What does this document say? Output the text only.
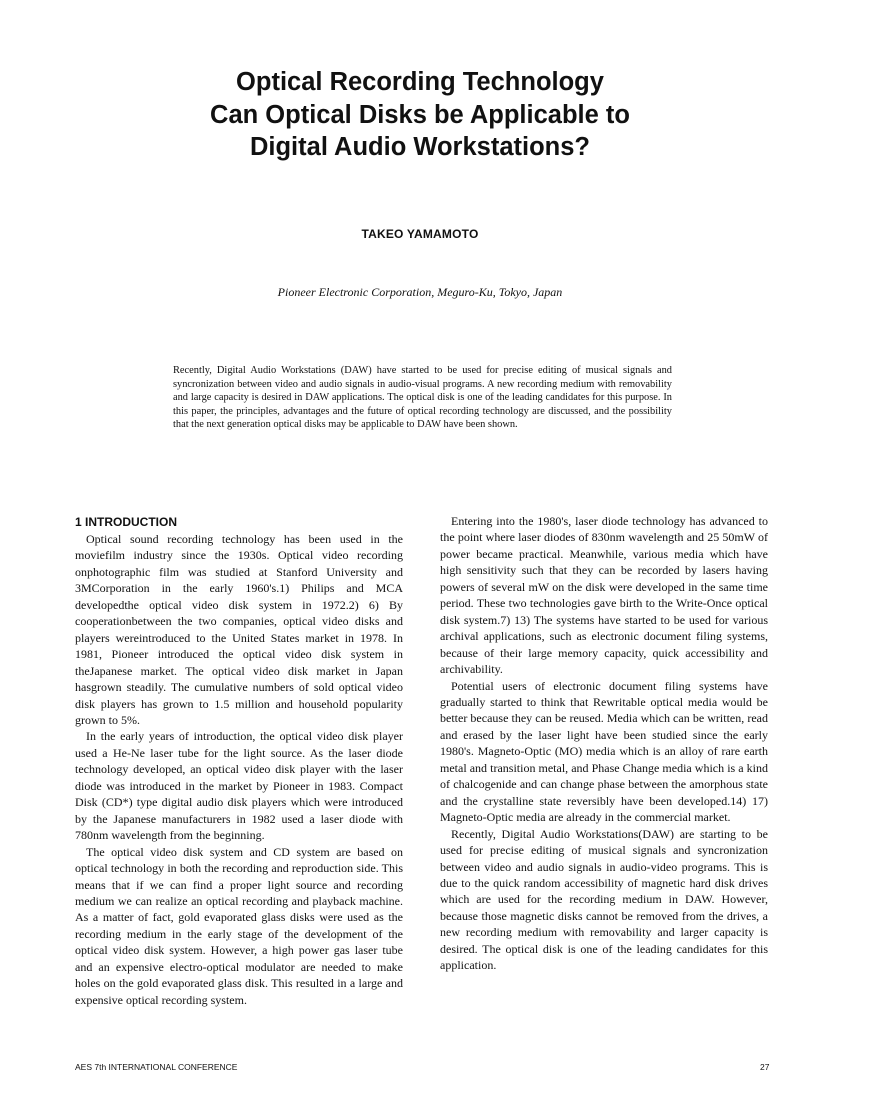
Optical Recording Technology
Can Optical Disks be Applicable to
Digital Audio Workstations?
TAKEO YAMAMOTO
Pioneer Electronic Corporation, Meguro-Ku, Tokyo, Japan
Recently, Digital Audio Workstations (DAW) have started to be used for precise editing of musical signals and syncronization between video and audio signals in audio-visual programs. A new recording medium with removability and large capacity is desired in DAW applications. The optical disk is one of the leading candidates for this purpose. In this paper, the principles, advantages and the future of optical recording technology are discussed, and the possibility that the next generation optical disks may be applicable to DAW have been shown.
1 INTRODUCTION

Optical sound recording technology has been used in the moviefilm industry since the 1930s. Optical video recording onphotographic film was studied at Stanford University and 3MCorporation in the early 1960's.1) Philips and MCA developedthe optical video disk system in 1972.2) 6) By cooperationbetween the two companies, optical video disks and players wereintroduced to the United States market in 1978. In 1981, Pioneer introduced the optical video disk system in theJapanese market. The optical video disk market in Japan hasgrown steadily. The cumulative numbers of sold optical video disk players has grown to 1.5 million and household popularity grown to 5%.

In the early years of introduction, the optical video disk player used a He-Ne laser tube for the light source. As the laser diode technology developed, an optical video disk player with the laser diode was introduced in the market by Pioneer in 1983. Compact Disk (CD*) type digital audio disk players which were introduced by the Japanese manufacturers in 1982 used a laser diode with 780nm wavelength from the beginning.

The optical video disk system and CD system are based on optical technology in both the recording and reproduction side. This means that if we can find a proper light source and recording medium we can realize an optical recording and playback machine. As a matter of fact, gold evaporated glass disks were used as the recording medium in the early stage of the development of the optical video disk system. However, a high power gas laser tube and an expensive electro-optical modulator are needed to make holes on the gold evaporated glass disk. This resulted in a large and expensive optical recording system.

Entering into the 1980's, laser diode technology has advanced to the point where laser diodes of 830nm wavelength and 25 50mW of power became practical. Meanwhile, various media which have high sensitivity such that they can be recorded by lasers having powers of several mW on the disk were developed in the same time period. These two technologies gave birth to the Write-Once optical disk system.7) 13) The systems have started to be used for various archival applications, such as electronic document filing systems, because of their large memory capacity, quick accessibility and archivability.

Potential users of electronic document filing systems have gradually started to think that Rewritable optical media would be better because they can be reused. Media which can be written, read and erased by the laser light have been studied since the early 1980's. Magneto-Optic (MO) media which is an alloy of rare earth metal and transition metal, and Phase Change media which is a kind of chalcogenide and can change phase between the amorphous state and the crystalline state reversibly have been developed.14) 17) Magneto-Optic media are already in the commercial market.

Recently, Digital Audio Workstations(DAW) are starting to be used for precise editing of musical signals and syncronization between video and audio signals in audio-video programs. This is due to the quick random accessibility of magnetic hard disk drives which are used for the recording medium in DAW. However, because those magnetic disks cannot be removed from the drives, a new recording medium with removability and larger capacity is desired. The optical disk is one of the leading candidates for this application.

AES 7th INTERNATIONAL CONFERENCE	27
